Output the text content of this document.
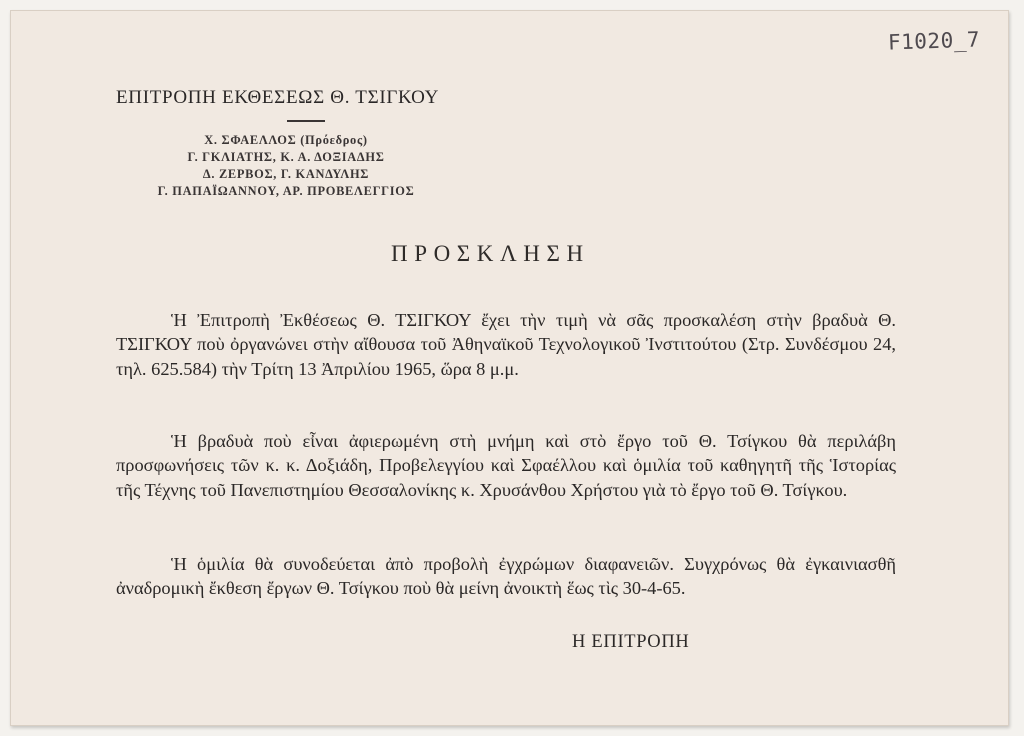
F1020_7
ΕΠΙΤΡΟΠΗ ΕΚΘΕΣΕΩΣ Θ. ΤΣΙΓΚΟΥ
Χ. ΣΦΑΕΛΛΟΣ (Πρόεδρος)
Γ. ΓΚΛΙΑΤΗΣ, Κ. Α. ΔΟΞΙΑΔΗΣ
Δ. ΖΕΡΒΟΣ, Γ. ΚΑΝΔΥΛΗΣ
Γ. ΠΑΠΑΪΩΑΝΝΟΥ, ΑΡ. ΠΡΟΒΕΛΕΓΓΙΟΣ
ΠΡΟΣΚΛΗΣΗ

Ἡ Ἐπιτροπὴ Ἐκθέσεως Θ. ΤΣΙΓΚΟΥ ἔχει τὴν τιμὴ νὰ σᾶς προσκαλέση στὴν βραδυὰ Θ. ΤΣΙΓΚΟΥ ποὺ ὀργανώνει στὴν αἴθουσα τοῦ Ἀθηναϊκοῦ Τεχνολογικοῦ Ἰνστιτούτου (Στρ. Συνδέσμου 24, τηλ. 625.584) τὴν Τρίτη 13 Ἀπριλίου 1965, ὥρα 8 μ.μ.

Ἡ βραδυὰ ποὺ εἶναι ἀφιερωμένη στὴ μνήμη καὶ στὸ ἔργο τοῦ Θ. Τσίγκου θὰ περιλάβη προσφωνήσεις τῶν κ. κ. Δοξιάδη, Προβελεγγίου καὶ Σφαέλλου καὶ ὁμιλία τοῦ καθηγητῆ τῆς Ἱστορίας τῆς Τέχνης τοῦ Πανεπιστημίου Θεσσαλονίκης κ. Χρυσάνθου Χρήστου γιὰ τὸ ἔργο τοῦ Θ. Τσίγκου.

Ἡ ὁμιλία θὰ συνοδεύεται ἀπὸ προβολὴ ἐγχρώμων διαφανειῶν. Συγχρόνως θὰ ἐγκαινιασθῆ ἀναδρομικὴ ἔκθεση ἔργων Θ. Τσίγκου ποὺ θὰ μείνη ἀνοικτὴ ἕως τὶς 30-4-65.

Η ΕΠΙΤΡΟΠΗ
